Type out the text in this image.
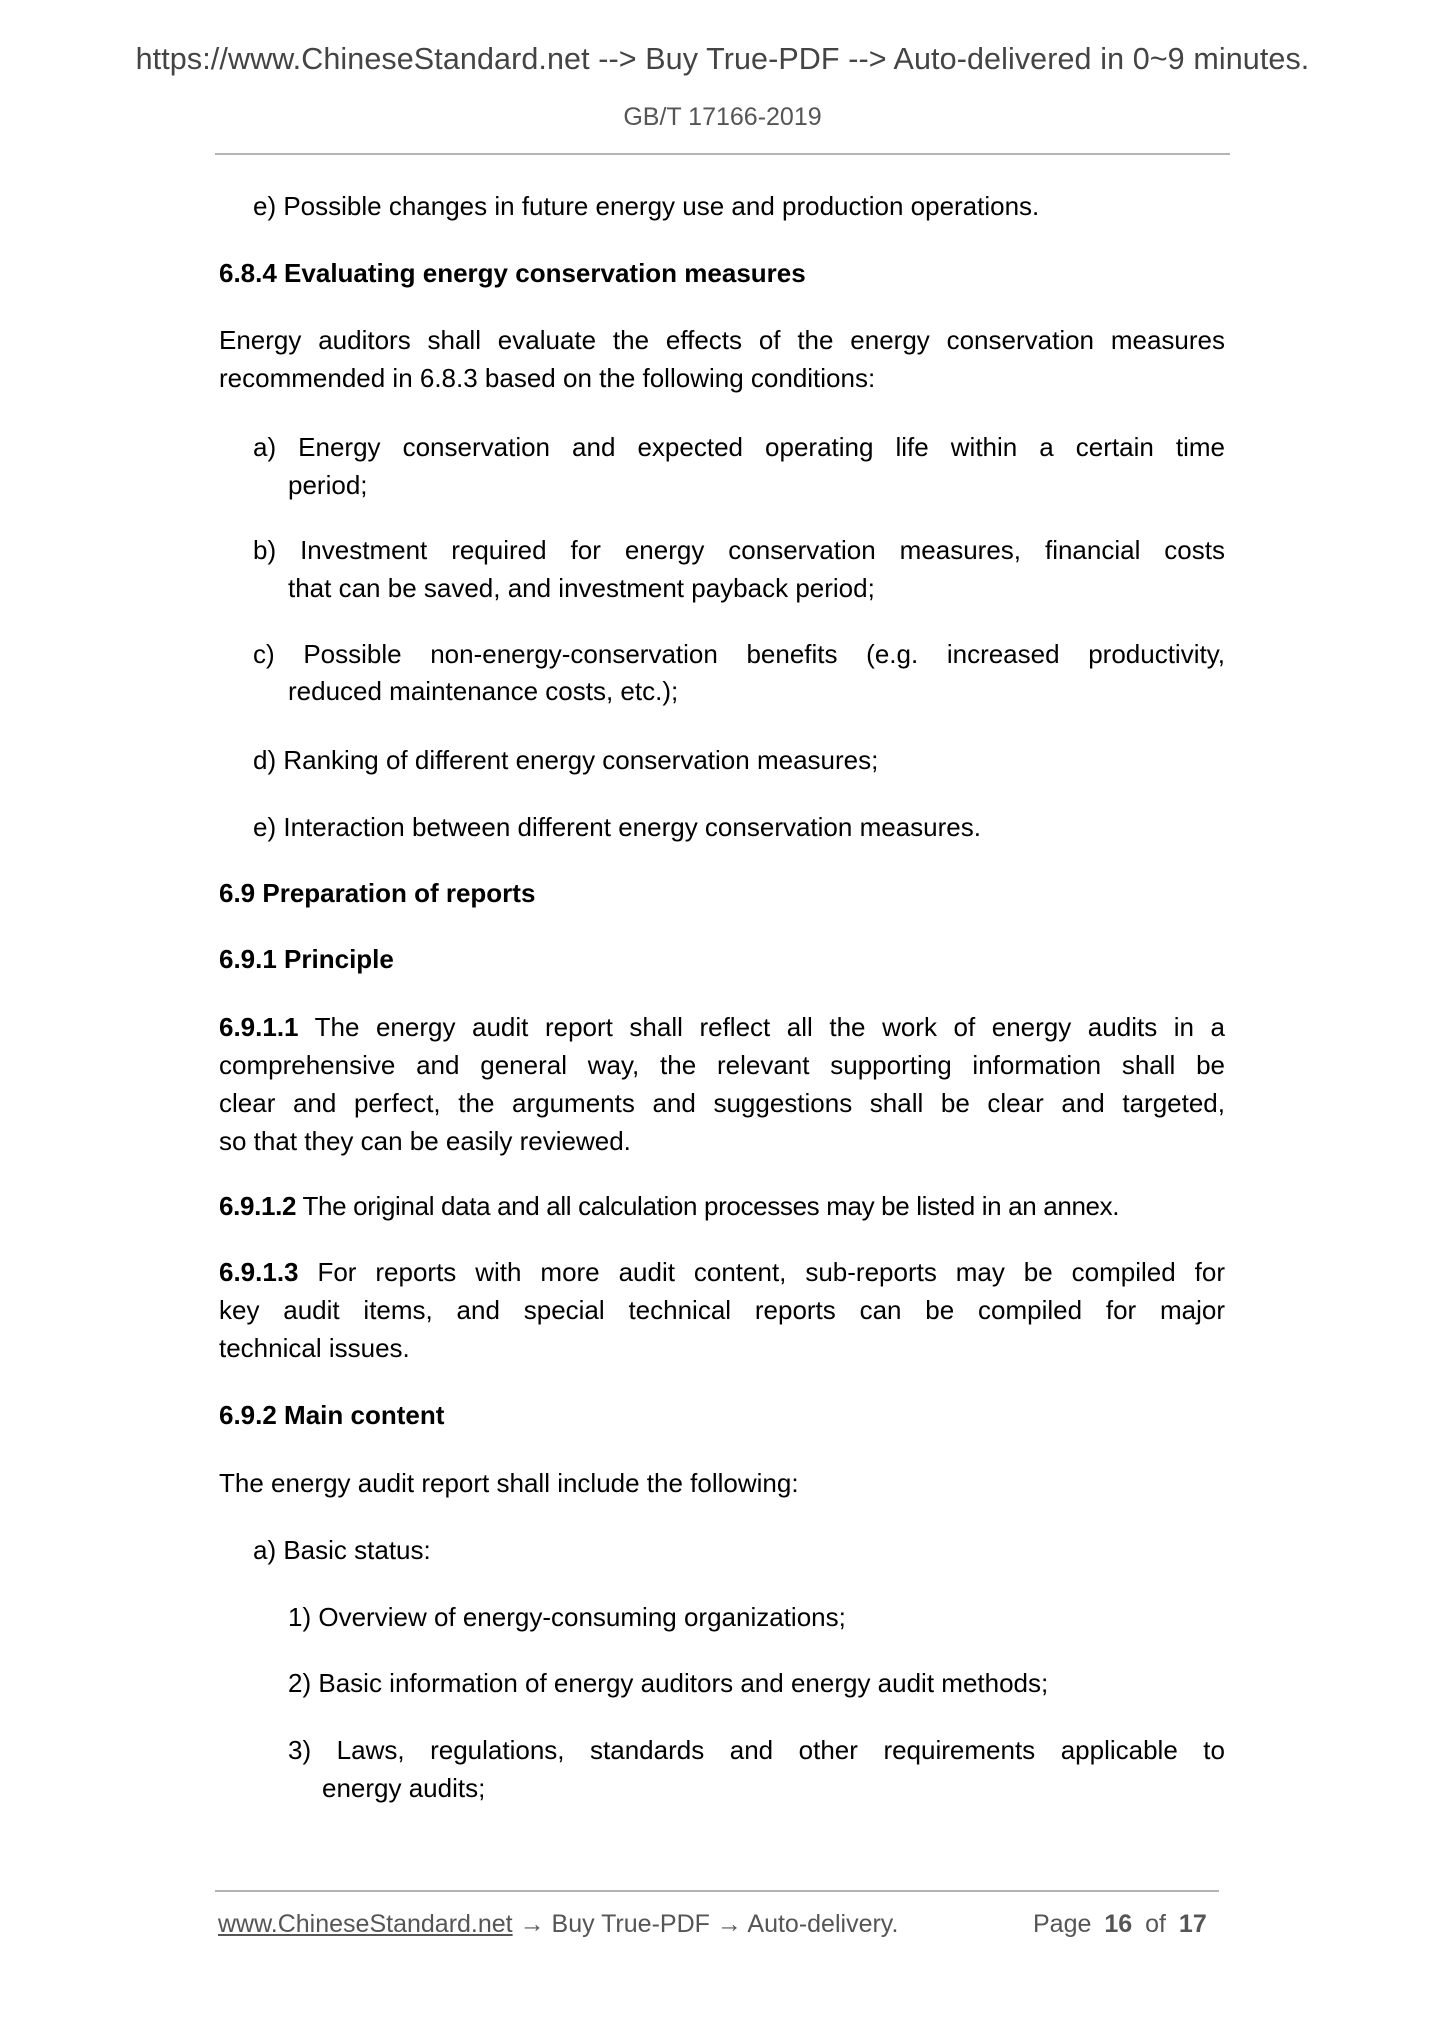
https://www.ChineseStandard.net --> Buy True-PDF --> Auto-delivered in 0~9 minutes.
GB/T 17166-2019
e) Possible changes in future energy use and production operations.
6.8.4 Evaluating energy conservation measures
Energy auditors shall evaluate the effects of the energy conservation measures
recommended in 6.8.3 based on the following conditions:
a) Energy conservation and expected operating life within a certain time
period;
b) Investment required for energy conservation measures, financial costs
that can be saved, and investment payback period;
c) Possible non-energy-conservation benefits (e.g. increased productivity,
reduced maintenance costs, etc.);
d) Ranking of different energy conservation measures;
e) Interaction between different energy conservation measures.
6.9 Preparation of reports
6.9.1 Principle
6.9.1.1 The energy audit report shall reflect all the work of energy audits in a
comprehensive and general way, the relevant supporting information shall be
clear and perfect, the arguments and suggestions shall be clear and targeted,
so that they can be easily reviewed.
6.9.1.2 The original data and all calculation processes may be listed in an annex.
6.9.1.3 For reports with more audit content, sub-reports may be compiled for
key audit items, and special technical reports can be compiled for major
technical issues.
6.9.2 Main content
The energy audit report shall include the following:
a) Basic status:
1) Overview of energy-consuming organizations;
2) Basic information of energy auditors and energy audit methods;
3) Laws, regulations, standards and other requirements applicable to
energy audits;
www.ChineseStandard.net → Buy True-PDF → Auto-delivery.	Page 16 of 17
